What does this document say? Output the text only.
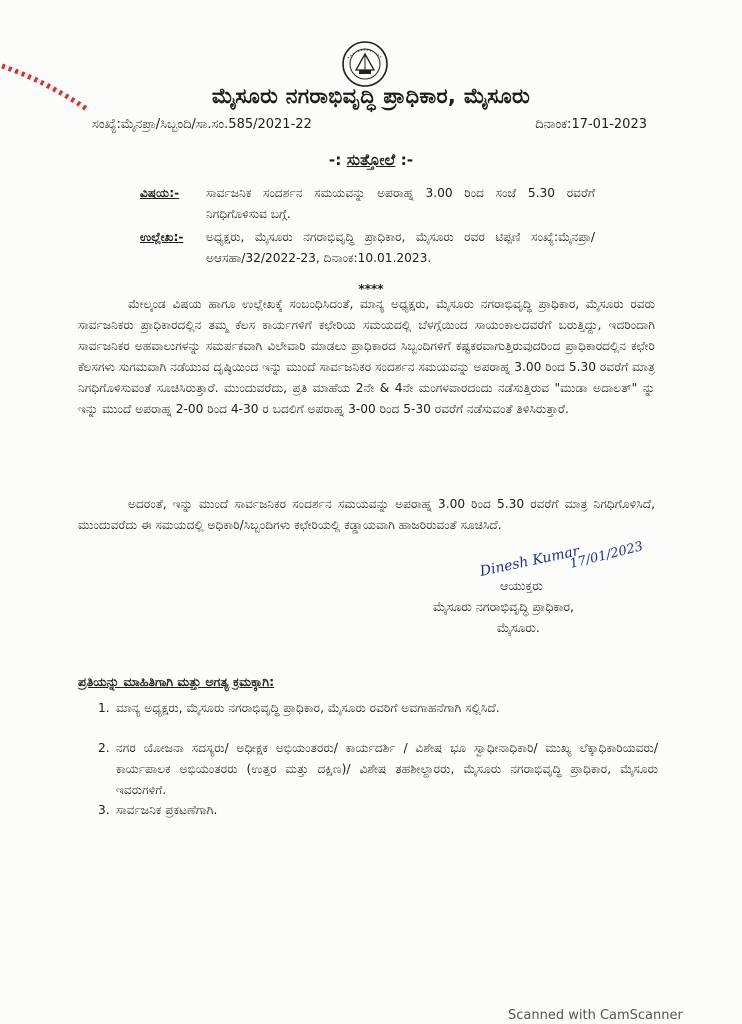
ಮೈಸೂರು ನಗರಾಭಿವೃದ್ಧಿ ಪ್ರಾಧಿಕಾರ, ಮೈಸೂರು
ಸಂಖ್ಯೆ:ಮೈನಪ್ರಾ/ಸಿಬ್ಬಂದಿ/ಸಾ.ಸಂ.585/2021-22	ದಿನಾಂಕ:17-01-2023
-: ಸುತ್ತೋಲೆ :-
ವಿಷಯ:- ಸಾರ್ವಜನಿಕ ಸಂದರ್ಶನ ಸಮಯವನ್ನು ಅಪರಾಹ್ನ 3.00 ರಿಂದ ಸಂಜೆ 5.30 ರವರೆಗೆ ನಿಗಧಿಗೊಳಿಸುವ ಬಗ್ಗೆ.
ಉಲ್ಲೇಖ:- ಅಧ್ಯಕ್ಷರು, ಮೈಸೂರು ನಗರಾಭಿವೃದ್ಧಿ ಪ್ರಾಧಿಕಾರ, ಮೈಸೂರು ರವರ ಟಿಪ್ಪಣಿ ಸಂಖ್ಯೆ:ಮೈನಪ್ರಾ/ಅಆಸಹಾ/32/2022-23, ದಿನಾಂಕ:10.01.2023.
****
ಮೇಲ್ಕಂಡ ವಿಷಯ ಹಾಗೂ ಉಲ್ಲೇಖಕ್ಕೆ ಸಂಬಂಧಿಸಿದಂತೆ, ಮಾನ್ಯ ಅಧ್ಯಕ್ಷರು, ಮೈಸೂರು ನಗರಾಭಿವೃದ್ಧಿ ಪ್ರಾಧಿಕಾರ, ಮೈಸೂರು ರವರು ಸಾರ್ವಜನಿಕರು ಪ್ರಾಧಿಕಾರದಲ್ಲಿನ ತಮ್ಮ ಕೆಲಸ ಕಾರ್ಯಗಳಿಗೆ ಕಛೇರಿಯ ಸಮಯದಲ್ಲಿ ಬೆಳಗ್ಗೆಯಿಂದ ಸಾಯಂಕಾಲದವರೆಗೆ ಬರುತ್ತಿದ್ದು, ಇದರಿಂದಾಗಿ ಸಾರ್ವಜನಿಕರ ಅಹವಾಲುಗಳನ್ನು ಸಮರ್ಪಕವಾಗಿ ವಿಲೇವಾರಿ ಮಾಡಲು ಪ್ರಾಧಿಕಾರದ ಸಿಬ್ಬಂದಿಗಳಿಗೆ ಕಷ್ಟಕರವಾಗುತ್ತಿರುವುದರಿಂದ ಪ್ರಾಧಿಕಾರದಲ್ಲಿನ ಕಛೇರಿ ಕೆಲಸಗಳು ಸುಗಮವಾಗಿ ನಡೆಯುವ ದೃಷ್ಠಿಯಿಂದ ಇನ್ನು ಮುಂದೆ ಸಾರ್ವಜನಿಕರ ಸಂದರ್ಶನ ಸಮಯವನ್ನು ಅಪರಾಹ್ನ 3.00 ರಿಂದ 5.30 ರವರೆಗೆ ಮಾತ್ರ ನಿಗಧಿಗೊಳಿಸುವಂತೆ ಸೂಚಿಸಿರುತ್ತಾರೆ. ಮುಂದುವರೆದು, ಪ್ರತಿ ಮಾಹೆಯ 2ನೇ & 4ನೇ ಮಂಗಳವಾರದಂದು ನಡೆಸುತ್ತಿರುವ "ಮುಡಾ ಅದಾಲತ್" ನ್ನು ಇನ್ನು ಮುಂದೆ ಅಪರಾಹ್ನ 2-00 ರಿಂದ 4-30 ರ ಬದಲಿಗೆ ಅಪರಾಹ್ನ 3-00 ರಿಂದ 5-30 ರವರೆಗೆ ನಡೆಸುವಂತೆ ತಿಳಿಸಿರುತ್ತಾರೆ.
ಅದರಂತೆ, ಇನ್ನು ಮುಂದೆ ಸಾರ್ವಜನಿಕರ ಸಂದರ್ಶನ ಸಮಯವನ್ನು ಅಪರಾಹ್ನ 3.00 ರಿಂದ 5.30 ರವರೆಗೆ ಮಾತ್ರ ನಿಗಧಿಗೊಳಿಸಿದೆ, ಮುಂದುವರೆದು ಈ ಸಮಯದಲ್ಲಿ ಅಧಿಕಾರಿ/ಸಿಬ್ಬಂದಿಗಳು ಕಛೇರಿಯಲ್ಲಿ ಕಡ್ಡಾಯವಾಗಿ ಹಾಜರಿರುವಂತೆ ಸೂಚಿಸಿದೆ.
Dinesh Kumar
17/01/2023
ಆಯುಕ್ತರು
ಮೈಸೂರು ನಗರಾಭಿವೃದ್ಧಿ ಪ್ರಾಧಿಕಾರ,
ಮೈಸೂರು.
ಪ್ರತಿಯನ್ನು ಮಾಹಿತಿಗಾಗಿ ಮತ್ತು ಅಗತ್ಯ ಕ್ರಮಕ್ಕಾಗಿ:
1. ಮಾನ್ಯ ಅಧ್ಯಕ್ಷರು, ಮೈಸೂರು ನಗರಾಭಿವೃದ್ಧಿ ಪ್ರಾಧಿಕಾರ, ಮೈಸೂರು ರವರಿಗೆ ಅವಗಾಹನೆಗಾಗಿ ಸಲ್ಲಿಸಿದೆ.
2. ನಗರ ಯೋಜನಾ ಸದಸ್ಯರು/ ಅಧೀಕ್ಷಕ ಅಭಿಯಂತರರು/ ಕಾರ್ಯದರ್ಶಿ / ವಿಶೇಷ ಭೂ ಸ್ವಾಧೀನಾಧಿಕಾರಿ/ ಮುಖ್ಯ ಲೆಕ್ಕಾಧಿಕಾರಿಯವರು/ ಕಾರ್ಯಪಾಲಕ ಅಭಿಯಂತರರು (ಉತ್ತರ ಮತ್ತು ದಕ್ಷಿಣ)/ ವಿಶೇಷ ತಹಶೀಲ್ದಾರರು, ಮೈಸೂರು ನಗರಾಭಿವೃದ್ಧಿ ಪ್ರಾಧಿಕಾರ, ಮೈಸೂರು ಇವರುಗಳಿಗೆ.
3. ಸಾರ್ವಜನಿಕ ಪ್ರಕಟಣೆಗಾಗಿ.
Scanned with CamScanner
